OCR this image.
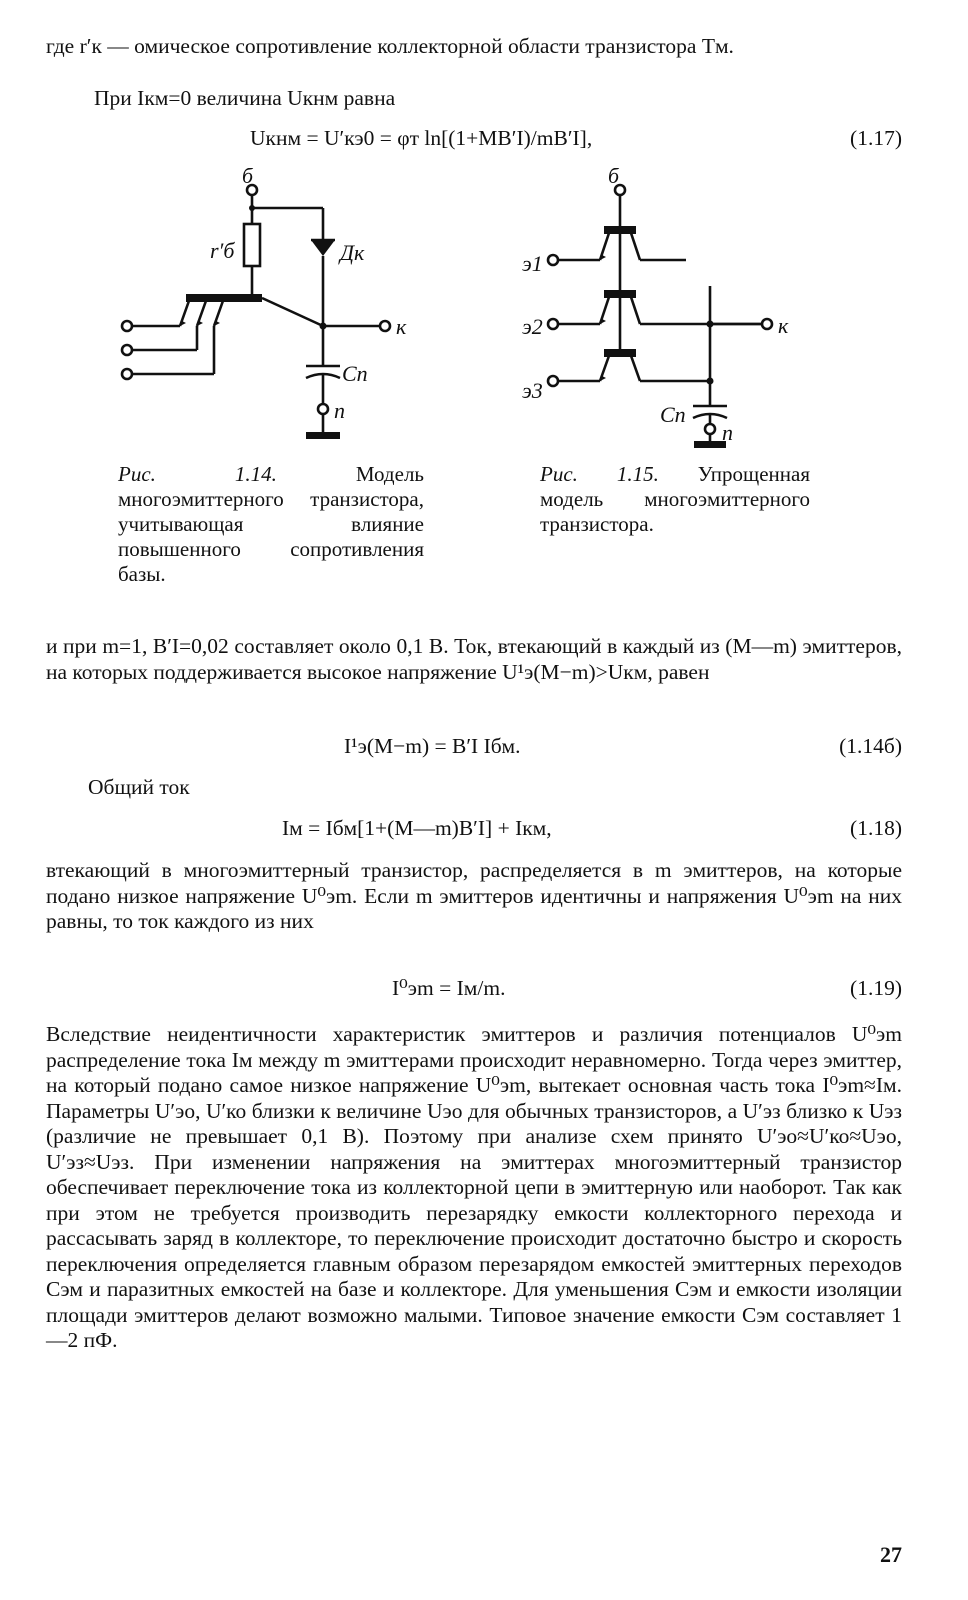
где r′к — омическое сопротивление коллекторной области транзистора Tм.

При Iкм=0 величина Uкнм равна

Uкнм = U′кэ0 = φт ln[(1+MB′I)/mB′I],	(1.17)
б
r′б	Дк
к
Cп
п
б
э1
э2
э3
к
Cп
п

Рис. 1.14.	Модель многоэмиттерного транзистора, учитывающая влияние повышенного сопротивления базы.

Рис. 1.15. Упрощенная модель многоэмиттерного транзистора.

и при m=1, B′I=0,02 составляет около 0,1 В. Ток, втекающий в каждый из (M—m) эмиттеров, на которых поддерживается высокое напряжение U¹э(M−m)>Uкм, равен

I¹э(M−m) = B′I Iбм.	(1.14б)

Общий ток

Iм = Iбм[1+(M—m)B′I] + Iкм,	(1.18)

втекающий в многоэмиттерный транзистор, распределяется в m эмиттеров, на которые подано низкое напряжение U⁰эm. Если m эмиттеров идентичны и напряжения U⁰эm на них равны, то ток каждого из них

I⁰эm = Iм/m.	(1.19)

Вследствие неидентичности характеристик эмиттеров и различия потенциалов U⁰эm распределение тока Iм между m эмиттерами происходит неравномерно. Тогда через эмиттер, на который подано самое низкое напряжение U⁰эm, вытекает основная часть тока I⁰эm≈Iм. Параметры U′эо, U′ко близки к величине Uэо для обычных транзисторов, а U′эз близко к Uэз (различие не превышает 0,1 В). Поэтому при анализе схем принято U′эо≈U′ко≈Uэо, U′эз≈Uэз. При изменении напряжения на эмиттерах многоэмиттерный транзистор обеспечивает переключение тока из коллекторной цепи в эмиттерную или наоборот. Так как при этом не требуется производить перезарядку емкости коллекторного перехода и рассасывать заряд в коллекторе, то переключение происходит достаточно быстро и скорость переключения определяется главным образом перезарядом емкостей эмиттерных переходов Cэм и паразитных емкостей на базе и коллекторе. Для уменьшения Cэм и емкости изоляции площади эмиттеров делают возможно малыми. Типовое значение емкости Cэм составляет 1—2 пФ.

27
